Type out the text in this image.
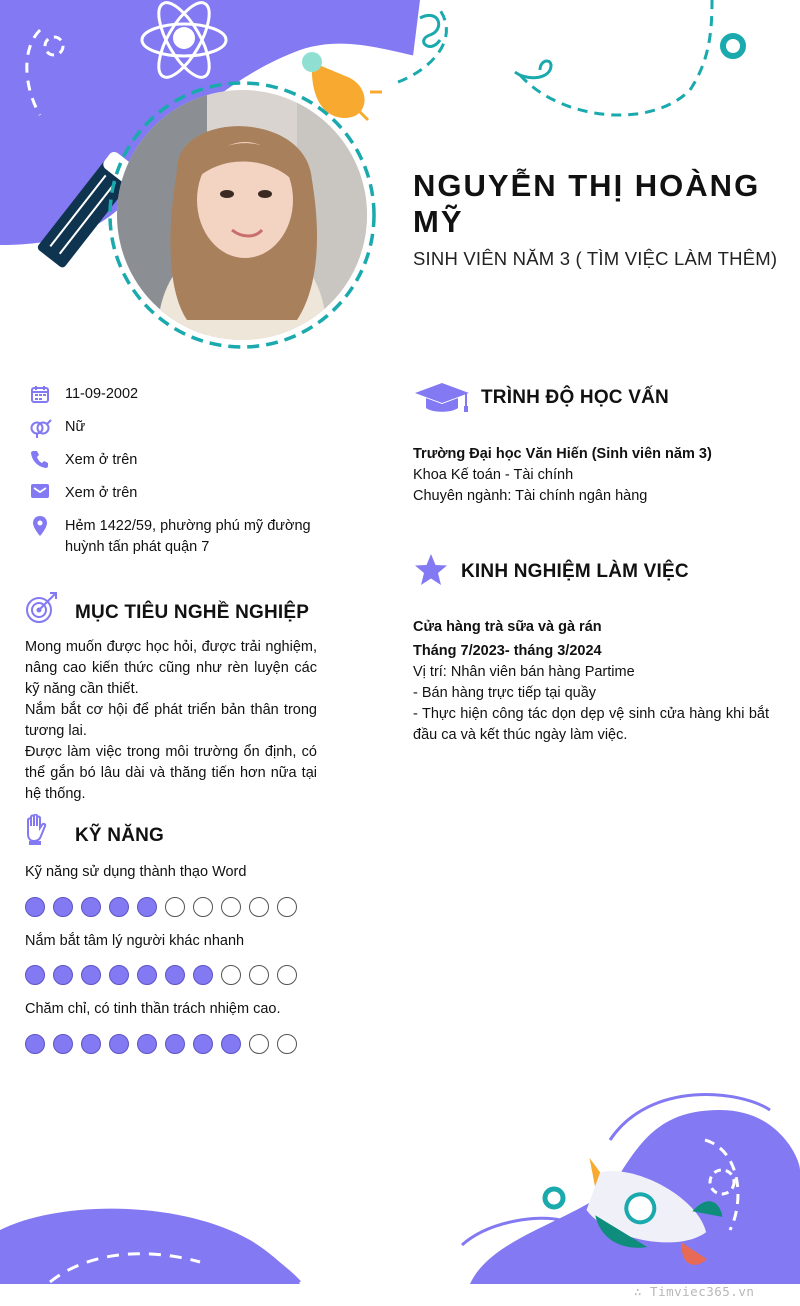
NGUYỄN THỊ HOÀNG MỸ
SINH VIÊN NĂM 3 ( TÌM VIỆC LÀM THÊM)
11-09-2002
Nữ
Xem ở trên
Xem ở trên
Hẻm 1422/59, phường phú mỹ đường huỳnh tấn phát quận 7
MỤC TIÊU NGHỀ NGHIỆP

Mong muốn được học hỏi, được trải nghiệm, nâng cao kiến thức cũng như rèn luyện các kỹ năng cần thiết.

Nắm bắt cơ hội để phát triển bản thân trong tương lai.

Được làm việc trong môi trường ổn định, có thể gắn bó lâu dài và thăng tiến hơn nữa tại hệ thống.

KỸ NĂNG
Kỹ năng sử dụng thành thạo Word
Nắm bắt tâm lý người khác nhanh
Chăm chỉ, có tinh thần trách nhiệm cao.
TRÌNH ĐỘ HỌC VẤN
Trường Đại học Văn Hiến (Sinh viên năm 3)
Khoa Kế toán - Tài chính
Chuyên ngành: Tài chính ngân hàng
KINH NGHIỆM LÀM VIỆC
Cửa hàng trà sữa và gà rán
Tháng 7/2023- tháng 3/2024
Vị trí: Nhân viên bán hàng Partime
- Bán hàng trực tiếp tại quầy
- Thực hiện công tác dọn dẹp vệ sinh cửa hàng khi bắt đầu ca và kết thúc ngày làm việc.
∴ Timviec365.vn
